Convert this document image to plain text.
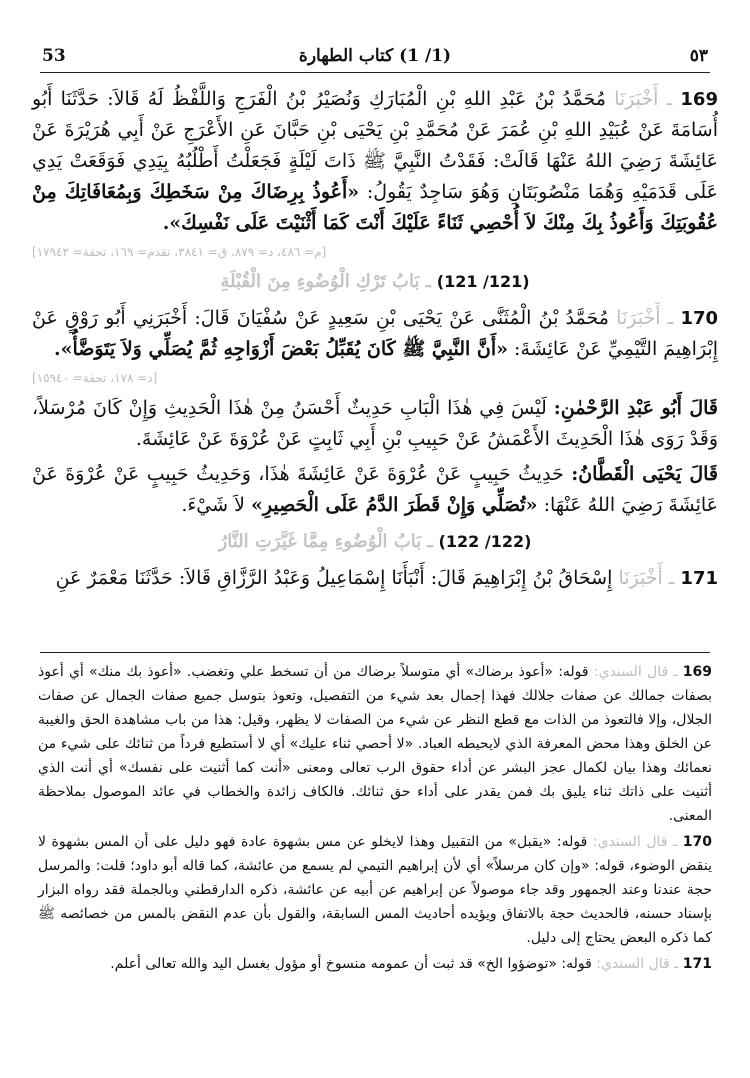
٥٣
(1/ 1) كتاب الطهارة
53

169 ـ أَخْبَرَنَا مُحَمَّدُ بْنُ عَبْدِ اللهِ بْنِ الْمُبَارَكِ وَنُصَيْرُ بْنُ الْفَرَجِ وَاللَّفْظُ لَهُ قَالاَ: حَدَّثَنَا أَبُو أُسَامَةَ عَنْ عُبَيْدِ اللهِ بْنِ عُمَرَ عَنْ مُحَمَّدِ بْنِ يَحْيَى بْنِ حَبَّانَ عَنِ الأَعْرَجِ عَنْ أَبِي هُرَيْرَةَ عَنْ عَائِشَةَ رَضِيَ اللهُ عَنْهَا قَالَتْ: فَقَدْتُ النَّبِيَّ ﷺ ذَاتَ لَيْلَةٍ فَجَعَلْتُ أَطْلُبُهُ بِيَدِي فَوَقَعَتْ يَدِي عَلَى قَدَمَيْهِ وَهُمَا مَنْصُوبَتَانِ وَهُوَ سَاجِدٌ يَقُولُ: «أَعُوذُ بِرِضَاكَ مِنْ سَخَطِكَ وَبِمُعَافَاتِكَ مِنْ عُقُوبَتِكَ وَأَعُوذُ بِكَ مِنْكَ لاَ أُحْصِي ثَنَاءً عَلَيْكَ أَنْتَ كَمَا أَثْنَيْتَ عَلَى نَفْسِكَ».

[م= ٤٨٦، د= ٨٧٩، ق= ٣٨٤١، تقدم= ١٦٩، تحفة= ١٧٩٤٢]
(121/ 121) ـ بَابُ تَرْكِ الْوُضُوءِ مِنَ الْقُبْلَةِ

170 ـ أَخْبَرَنَا مُحَمَّدُ بْنُ الْمُثَنَّى عَنْ يَحْيَى بْنِ سَعِيدٍ عَنْ سُفْيَانَ قَالَ: أَخْبَرَنِي أَبُو رَوْقٍ عَنْ إِبْرَاهِيمَ التَّيْمِيِّ عَنْ عَائِشَةَ: «أَنَّ النَّبِيَّ ﷺ كَانَ يُقَبِّلُ بَعْضَ أَزْوَاجِهِ ثُمَّ يُصَلِّي وَلاَ يَتَوَضَّأُ».

[د= ١٧٨، تحفة= ١٥٩٤٠]

قَالَ أَبُو عَبْدِ الرَّحْمٰنِ: لَيْسَ فِي هٰذَا الْبَابِ حَدِيثٌ أَحْسَنُ مِنْ هٰذَا الْحَدِيثِ وَإِنْ كَانَ مُرْسَلاً، وَقَدْ رَوَى هٰذَا الْحَدِيثَ الأَعْمَشُ عَنْ حَبِيبِ بْنِ أَبِي ثَابِتٍ عَنْ عُرْوَةَ عَنْ عَائِشَةَ.

قَالَ يَحْيَى الْقَطَّانُ: حَدِيثُ حَبِيبٍ عَنْ عُرْوَةَ عَنْ عَائِشَةَ هٰذَا، وَحَدِيثُ حَبِيبٍ عَنْ عُرْوَةَ عَنْ عَائِشَةَ رَضِيَ اللهُ عَنْهَا: «تُصَلِّي وَإِنْ قَطَرَ الدَّمُ عَلَى الْحَصِيرِ» لاَ شَيْءَ.

(122/ 122) ـ بَابُ الْوُضُوءِ مِمَّا غَيَّرَتِ النَّارُ

171 ـ أَخْبَرَنَا إِسْحَاقُ بْنُ إِبْرَاهِيمَ قَالَ: أَنْبَأَنَا إِسْمَاعِيلُ وَعَبْدُ الرَّزَّاقِ قَالاَ: حَدَّثَنَا مَعْمَرٌ عَنِ

169 ـ قال السندي: قوله: «أعوذ برضاك» أي متوسلاً برضاك من أن تسخط علي وتغضب. «أعوذ بك منك» أي أعوذ بصفات جمالك عن صفات جلالك فهذا إجمال بعد شيء من التفصيل، وتعوذ بتوسل جميع صفات الجمال عن صفات الجلال، وإلا فالتعوذ من الذات مع قطع النظر عن شيء من الصفات لا يظهر، وقيل: هذا من باب مشاهدة الحق والغيبة عن الخلق وهذا محض المعرفة الذي لايحيطه العباد. «لا أحصي ثناء عليك» أي لا أستطيع فرداً من ثنائك على شيء من نعمائك وهذا بيان لكمال عجز البشر عن أداء حقوق الرب تعالى ومعنى «أنت كما أثنيت على نفسك» أي أنت الذي أثنيت على ذاتك ثناء يليق بك فمن يقدر على أداء حق ثنائك. فالكاف زائدة والخطاب في عائد الموصول بملاحظة المعنى.

170 ـ قال السندي: قوله: «يقبل» من التقبيل وهذا لايخلو عن مس بشهوة عادة فهو دليل على أن المس بشهوة لا ينقض الوضوء، قوله: «وإن كان مرسلاً» أي لأن إبراهيم التيمي لم يسمع من عائشة، كما قاله أبو داود؛ قلت: والمرسل حجة عندنا وعند الجمهور وقد جاء موصولاً عن إبراهيم عن أبيه عن عائشة، ذكره الدارقطني وبالجملة فقد رواه البزار بإسناد حسنه، فالحديث حجة بالاتفاق ويؤيده أحاديث المس السابقة، والقول بأن عدم النقض بالمس من خصائصه ﷺ كما ذكره البعض يحتاج إلى دليل.

171 ـ قال السندي: قوله: «توضؤوا الخ» قد ثبت أن عمومه منسوخ أو مؤول بغسل اليد والله تعالى أعلم.
